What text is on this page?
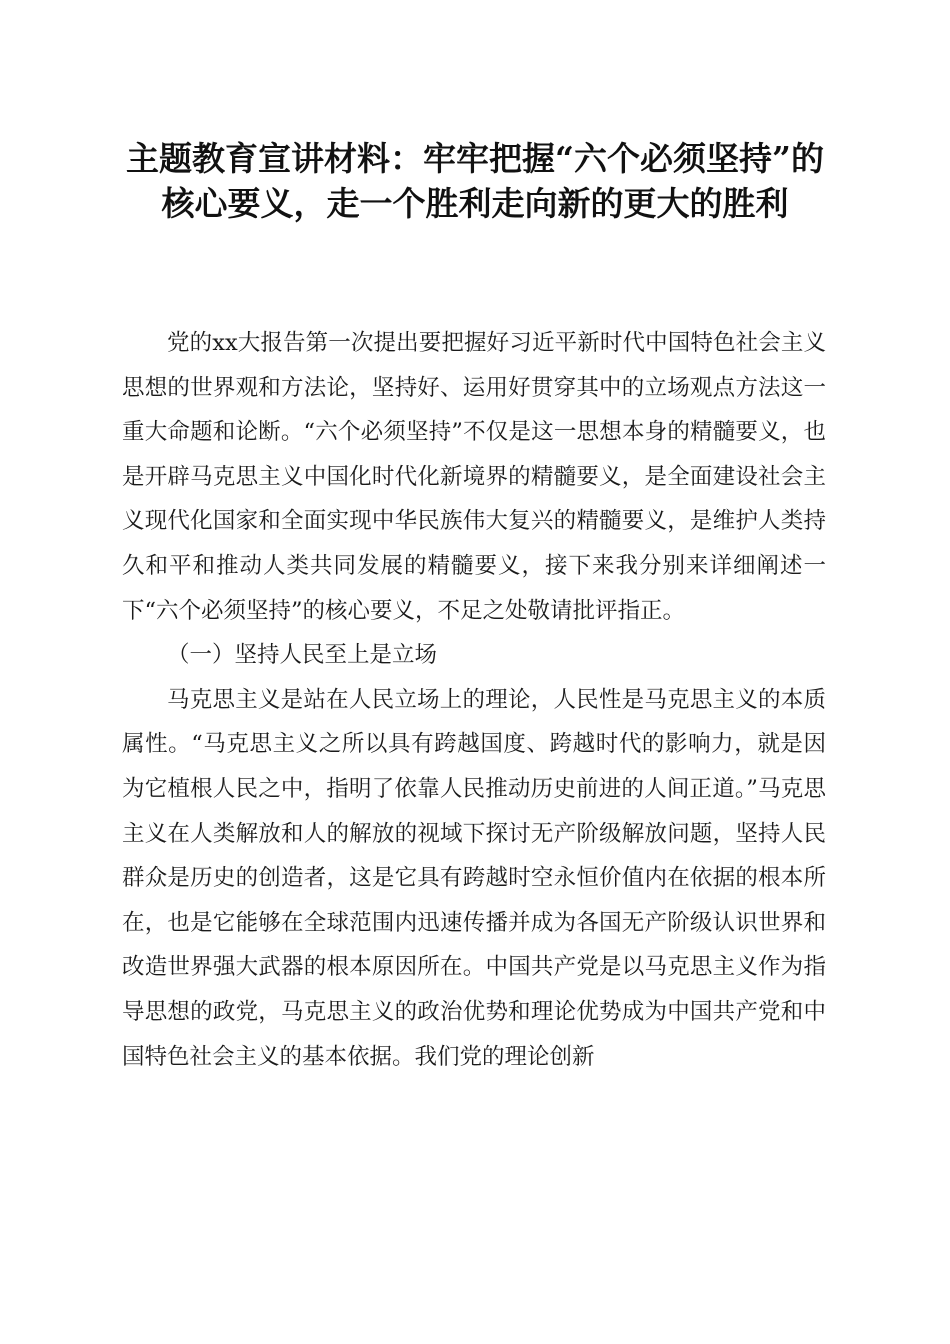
主题教育宣讲材料：牢牢把握“六个必须坚持”的核心要义，走一个胜利走向新的更大的胜利

党的xx大报告第一次提出要把握好习近平新时代中国特色社会主义思想的世界观和方法论，坚持好、运用好贯穿其中的立场观点方法这一重大命题和论断。“六个必须坚持”不仅是这一思想本身的精髓要义，也是开辟马克思主义中国化时代化新境界的精髓要义，是全面建设社会主义现代化国家和全面实现中华民族伟大复兴的精髓要义，是维护人类持久和平和推动人类共同发展的精髓要义，接下来我分别来详细阐述一下“六个必须坚持”的核心要义，不足之处敬请批评指正。

（一）坚持人民至上是立场

马克思主义是站在人民立场上的理论，人民性是马克思主义的本质属性。“马克思主义之所以具有跨越国度、跨越时代的影响力，就是因为它植根人民之中，指明了依靠人民推动历史前进的人间正道。”马克思主义在人类解放和人的解放的视域下探讨无产阶级解放问题，坚持人民群众是历史的创造者，这是它具有跨越时空永恒价值内在依据的根本所在，也是它能够在全球范围内迅速传播并成为各国无产阶级认识世界和改造世界强大武器的根本原因所在。中国共产党是以马克思主义作为指导思想的政党，马克思主义的政治优势和理论优势成为中国共产党和中国特色社会主义的基本依据。我们党的理论创新
